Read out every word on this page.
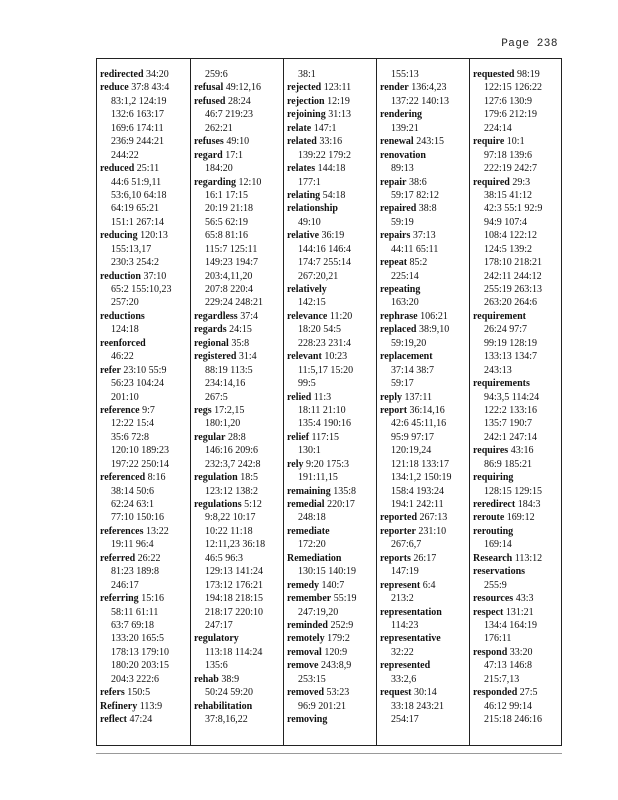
Page 238
redirected 34:20
reduce 37:8 43:4
83:1,2 124:19
132:6 163:17
169:6 174:11
236:9 244:21
244:22
reduced 25:11
44:6 51:9,11
53:6,10 64:18
64:19 65:21
151:1 267:14
reducing 120:13
155:13,17
230:3 254:2
reduction 37:10
65:2 155:10,23
257:20
reductions
124:18
reenforced
46:22
refer 23:10 55:9
56:23 104:24
201:10
reference 9:7
12:22 15:4
35:6 72:8
120:10 189:23
197:22 250:14
referenced 8:16
38:14 50:6
62:24 63:1
77:10 150:16
references 13:22
19:11 96:4
referred 26:22
81:23 189:8
246:17
referring 15:16
58:11 61:11
63:7 69:18
133:20 165:5
178:13 179:10
180:20 203:15
204:3 222:6
refers 150:5
Refinery 113:9
reflect 47:24
259:6
refusal 49:12,16
refused 28:24
46:7 219:23
262:21
refuses 49:10
regard 17:1
184:20
regarding 12:10
16:1 17:15
20:19 21:18
56:5 62:19
65:8 81:16
115:7 125:11
149:23 194:7
203:4,11,20
207:8 220:4
229:24 248:21
regardless 37:4
regards 24:15
regional 35:8
registered 31:4
88:19 113:5
234:14,16
267:5
regs 17:2,15
180:1,20
regular 28:8
146:16 209:6
232:3,7 242:8
regulation 18:5
123:12 138:2
regulations 5:12
9:8,22 10:17
10:22 11:18
12:11,23 36:18
46:5 96:3
129:13 141:24
173:12 176:21
194:18 218:15
218:17 220:10
247:17
regulatory
113:18 114:24
135:6
rehab 38:9
50:24 59:20
rehabilitation
37:8,16,22
38:1
rejected 123:11
rejection 12:19
rejoining 31:13
relate 147:1
related 33:16
139:22 179:2
relates 144:18
177:1
relating 54:18
relationship
49:10
relative 36:19
144:16 146:4
174:7 255:14
267:20,21
relatively
142:15
relevance 11:20
18:20 54:5
228:23 231:4
relevant 10:23
11:5,17 15:20
99:5
relied 11:3
18:11 21:10
135:4 190:16
relief 117:15
130:1
rely 9:20 175:3
191:11,15
remaining 135:8
remedial 220:17
248:18
remediate
172:20
Remediation
130:15 140:19
remedy 140:7
remember 55:19
247:19,20
reminded 252:9
remotely 179:2
removal 120:9
remove 243:8,9
253:15
removed 53:23
96:9 201:21
removing
155:13
render 136:4,23
137:22 140:13
rendering
139:21
renewal 243:15
renovation
89:13
repair 38:6
59:17 82:12
repaired 38:8
59:19
repairs 37:13
44:11 65:11
repeat 85:2
225:14
repeating
163:20
rephrase 106:21
replaced 38:9,10
59:19,20
replacement
37:14 38:7
59:17
reply 137:11
report 36:14,16
42:6 45:11,16
95:9 97:17
120:19,24
121:18 133:17
134:1,2 150:19
158:4 193:24
194:1 242:11
reported 267:13
reporter 231:10
267:6,7
reports 26:17
147:19
represent 6:4
213:2
representation
114:23
representative
32:22
represented
33:2,6
request 30:14
33:18 243:21
254:17
requested 98:19
122:15 126:22
127:6 130:9
179:6 212:19
224:14
require 10:1
97:18 139:6
222:19 242:7
required 29:3
38:15 41:12
42:3 55:1 92:9
94:9 107:4
108:4 122:12
124:5 139:2
178:10 218:21
242:11 244:12
255:19 263:13
263:20 264:6
requirement
26:24 97:7
99:19 128:19
133:13 134:7
243:13
requirements
94:3,5 114:24
122:2 133:16
135:7 190:7
242:1 247:14
requires 43:16
86:9 185:21
requiring
128:15 129:15
reredirect 184:3
reroute 169:12
rerouting
169:14
Research 113:12
reservations
255:9
resources 43:3
respect 131:21
134:4 164:19
176:11
respond 33:20
47:13 146:8
215:7,13
responded 27:5
46:12 99:14
215:18 246:16
